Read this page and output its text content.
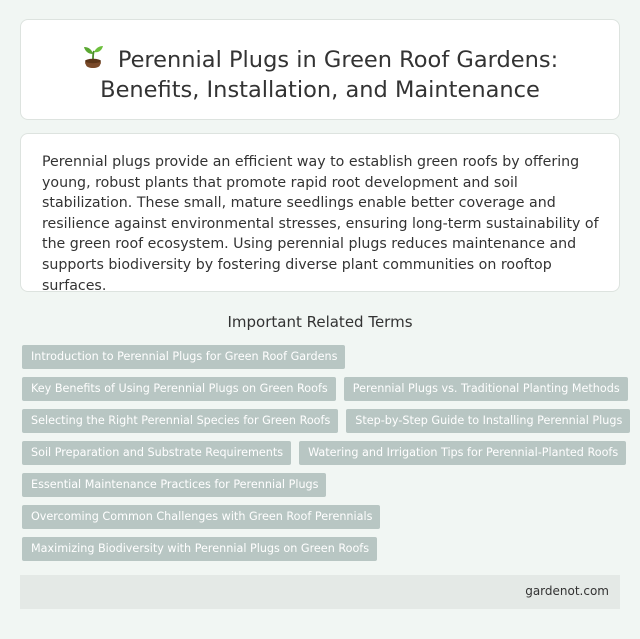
Perennial Plugs in Green Roof Gardens:
Benefits, Installation, and Maintenance

Perennial plugs provide an efficient way to establish green roofs by offering young, robust plants that promote rapid root development and soil stabilization. These small, mature seedlings enable better coverage and resilience against environmental stresses, ensuring long-term sustainability of the green roof ecosystem. Using perennial plugs reduces maintenance and supports biodiversity by fostering diverse plant communities on rooftop surfaces.

Important Related Terms
Introduction to Perennial Plugs for Green Roof Gardens
Key Benefits of Using Perennial Plugs on Green Roofs	Perennial Plugs vs. Traditional Planting Methods
Selecting the Right Perennial Species for Green Roofs	Step-by-Step Guide to Installing Perennial Plugs
Soil Preparation and Substrate Requirements	Watering and Irrigation Tips for Perennial-Planted Roofs
Essential Maintenance Practices for Perennial Plugs
Overcoming Common Challenges with Green Roof Perennials
Maximizing Biodiversity with Perennial Plugs on Green Roofs
gardenot.com
